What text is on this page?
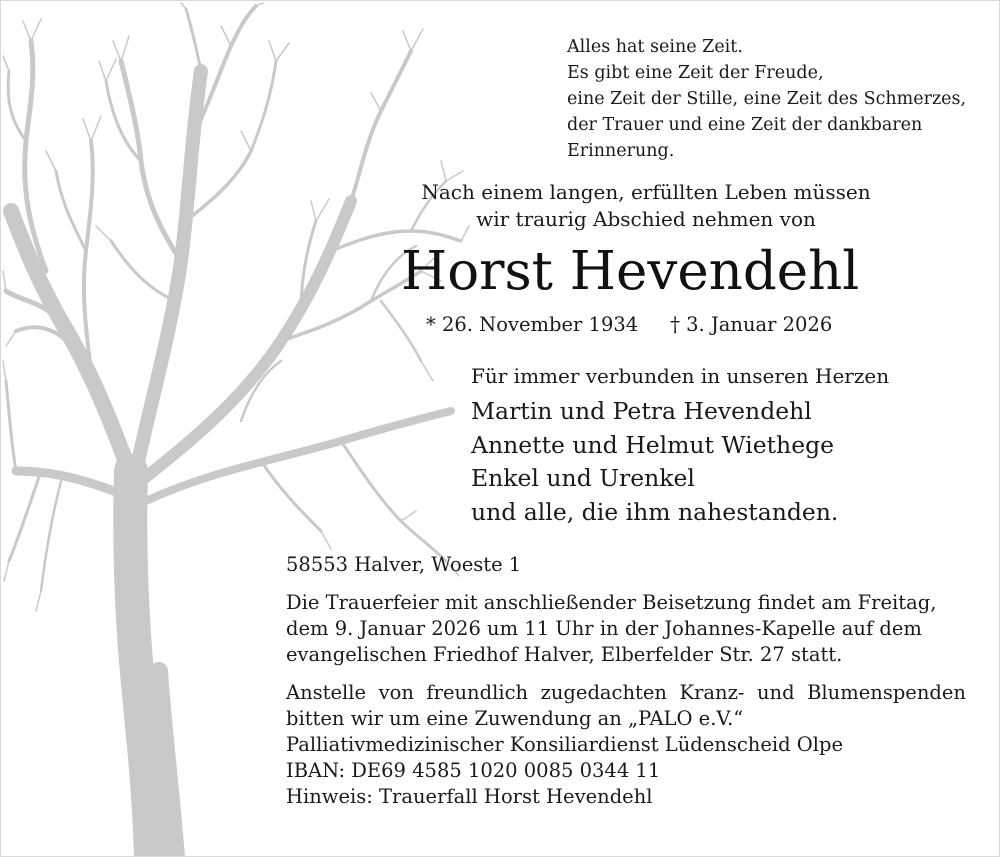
Alles hat seine Zeit.
Es gibt eine Zeit der Freude,
eine Zeit der Stille, eine Zeit des Schmerzes,
der Trauer und eine Zeit der dankbaren
Erinnerung.
Nach einem langen, erfüllten Leben müssen
wir traurig Abschied nehmen von
Horst Hevendehl
* 26. November 1934 † 3. Januar 2026
Für immer verbunden in unseren Herzen
Martin und Petra Hevendehl
Annette und Helmut Wiethege
Enkel und Urenkel
und alle, die ihm nahestanden.
58553 Halver, Woeste 1
Die Trauerfeier mit anschließender Beisetzung findet am Freitag,
dem 9. Januar 2026 um 11 Uhr in der Johannes-Kapelle auf dem
evangelischen Friedhof Halver, Elberfelder Str. 27 statt.
Anstelle von freundlich zugedachten Kranz- und Blumenspenden
bitten wir um eine Zuwendung an „PALO e.V.“
Palliativmedizinischer Konsiliardienst Lüdenscheid Olpe
IBAN: DE69 4585 1020 0085 0344 11
Hinweis: Trauerfall Horst Hevendehl
